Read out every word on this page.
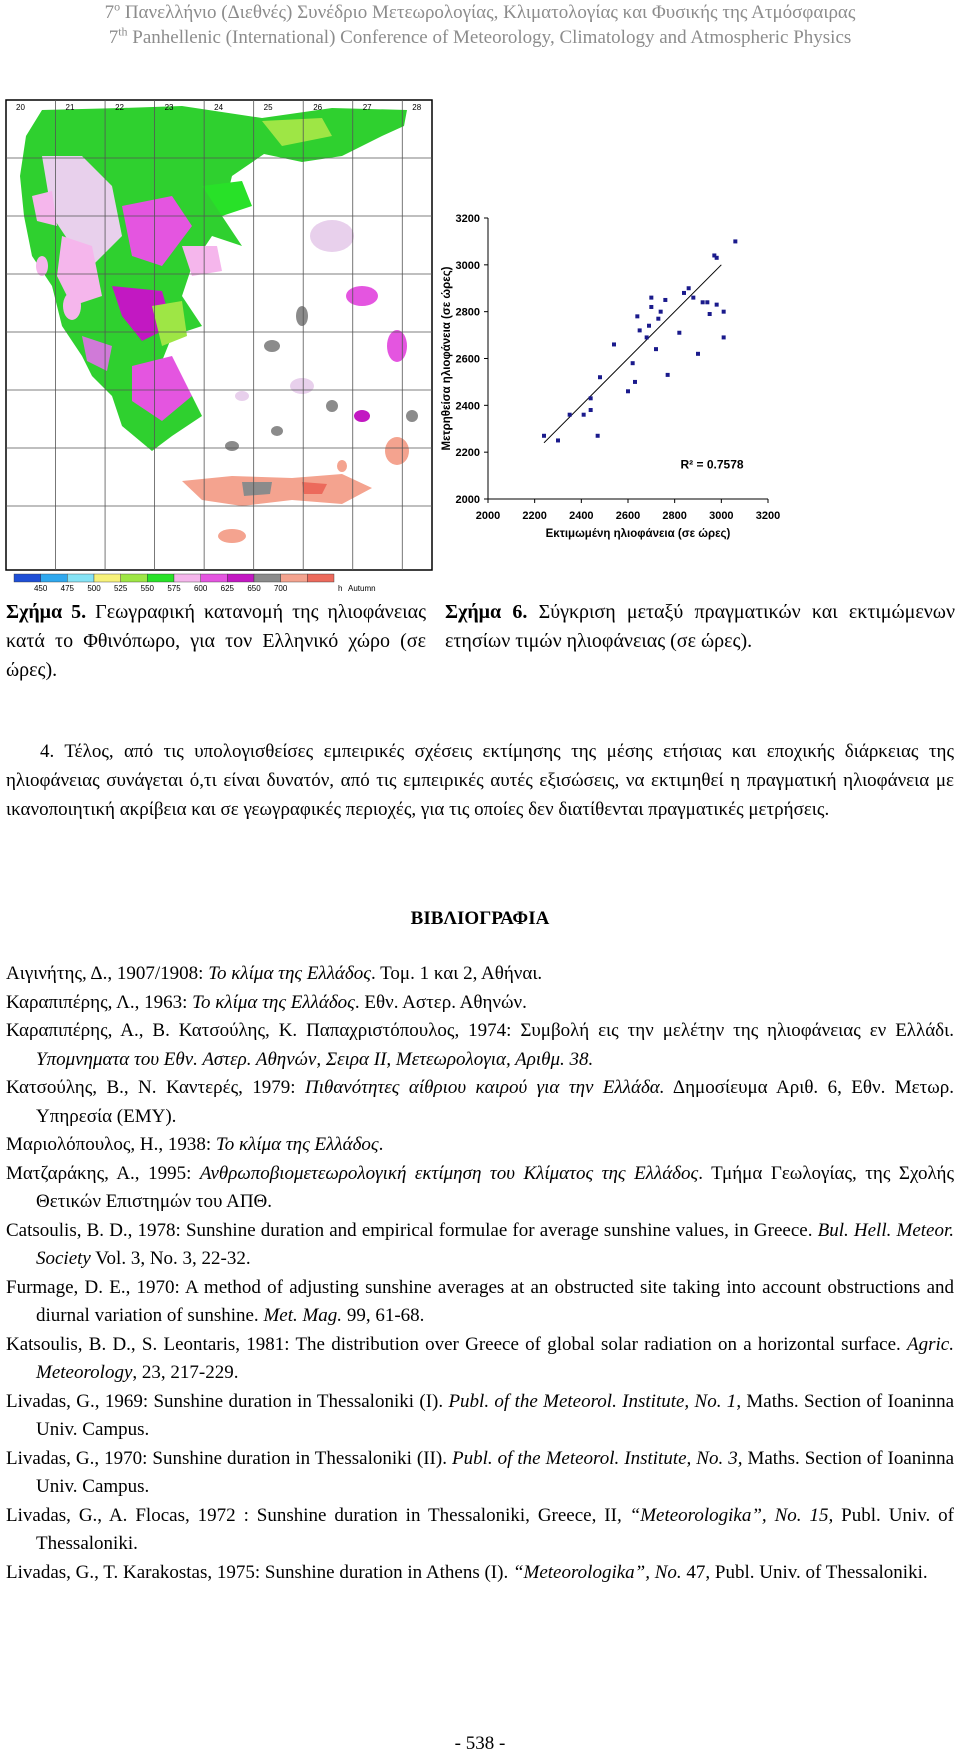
$7^o$ Πανελλήνιο (Διεθνές) Συνέδριο Μετεωρολογίας, Κλιματολογίας και Φυσικής της Ατμόσφαιρας
7th Panhellenic (International) Conference of Meteorology, Climatology and Atmospheric Physics
20	21	22	23	24	25	26	27	28
450 475 500 525 550 575 600 625 650 700	h Autumn
2000 2200 2400 2600 2800 3000 3200
2000
2200
2400
2600
2800
3000
3200
Εκτιμωμένη ηλιοφάνεια (σε ώρες)
Μετρηθείσα ηλιοφάνεια (σε ώρες)
R² = 0.7578
Σχήμα 5. Γεωγραφική κατανομή της ηλιοφάνειας κατά το Φθινόπωρο, για τον Ελληνικό χώρο (σε ώρες).
Σχήμα 6. Σύγκριση μεταξύ πραγματικών και εκτιμώμενων ετησίων τιμών ηλιοφάνειας (σε ώρες).
4. Τέλος, από τις υπολογισθείσες εμπειρικές σχέσεις εκτίμησης της μέσης ετήσιας και εποχικής διάρκειας της ηλιοφάνειας συνάγεται ό,τι είναι δυνατόν, από τις εμπειρικές αυτές εξισώσεις, να εκτιμηθεί η πραγματική ηλιοφάνεια με ικανοποιητική ακρίβεια και σε γεωγραφικές περιοχές, για τις οποίες δεν διατίθενται πραγματικές μετρήσεις.
ΒΙΒΛΙΟΓΡΑΦΙΑ
Αιγινήτης, Δ., 1907/1908: Το κλίμα της Ελλάδος. Τομ. 1 και 2, Αθήναι.
Καραπιπέρης, Λ., 1963: Το κλίμα της Ελλάδος. Εθν. Αστερ. Αθηνών.
Καραπιπέρης, Α., Β. Κατσούλης, Κ. Παπαχριστόπουλος, 1974: Συμβολή εις την μελέτην της ηλιοφάνειας εν Ελλάδι. Υπομνηματα του Εθν. Αστερ. Αθηνών, Σειρα ΙΙ, Μετεωρολογια, Αριθμ. 38.
Κατσούλης, Β., Ν. Καντερές, 1979: Πιθανότητες αίθριου καιρού για την Ελλάδα. Δημοσίευμα Αριθ. 6, Εθν. Μετωρ. Υπηρεσία (ΕΜΥ).
Μαριολόπουλος, Η., 1938: Το κλίμα της Ελλάδος.
Ματζαράκης, Α., 1995: Ανθρωποβιομετεωρολογική εκτίμηση του Κλίματος της Ελλάδος. Τμήμα Γεωλογίας, της Σχολής Θετικών Επιστημών του ΑΠΘ.
Catsoulis, B. D., 1978: Sunshine duration and empirical formulae for average sunshine values, in Greece. Bul. Hell. Meteor. Society Vol. 3, No. 3, 22-32.
Furmage, D. E., 1970: A method of adjusting sunshine averages at an obstructed site taking into account obstructions and diurnal variation of sunshine. Met. Mag. 99, 61-68.
Katsoulis, B. D., S. Leontaris, 1981: The distribution over Greece of global solar radiation on a horizontal surface. Agric. Meteorology, 23, 217-229.
Livadas, G., 1969: Sunshine duration in Thessaloniki (I). Publ. of the Meteorol. Institute, No. 1, Maths. Section of Ioaninna Univ. Campus.
Livadas, G., 1970: Sunshine duration in Thessaloniki (II). Publ. of the Meteorol. Institute, No. 3, Maths. Section of Ioaninna Univ. Campus.
Livadas, G., A. Flocas, 1972 : Sunshine duration in Thessaloniki, Greece, II, “Meteorologika”, No. 15, Publ. Univ. of Thessaloniki.
Livadas, G., T. Karakostas, 1975: Sunshine duration in Athens (I). “Meteorologika”, No. 47, Publ. Univ. of Thessaloniki.
- 538 -
